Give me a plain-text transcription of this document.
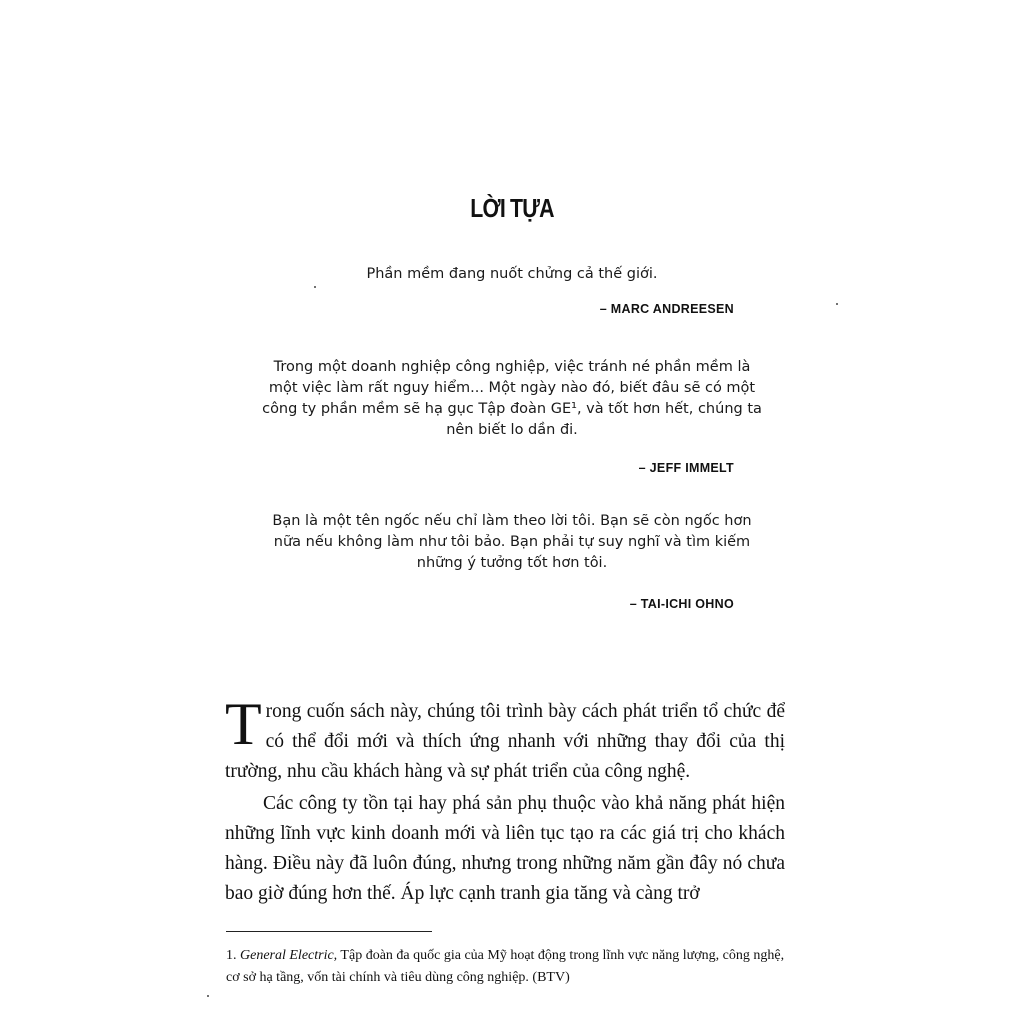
LỜI TỰA
Phần mềm đang nuốt chửng cả thế giới.
– MARC ANDREESEN
Trong một doanh nghiệp công nghiệp, việc tránh né phần mềm là một việc làm rất nguy hiểm... Một ngày nào đó, biết đâu sẽ có một công ty phần mềm sẽ hạ gục Tập đoàn GE¹, và tốt hơn hết, chúng ta nên biết lo dần đi.
– JEFF IMMELT
Bạn là một tên ngốc nếu chỉ làm theo lời tôi. Bạn sẽ còn ngốc hơn nữa nếu không làm như tôi bảo. Bạn phải tự suy nghĩ và tìm kiếm những ý tưởng tốt hơn tôi.
– TAI-ICHI OHNO
Trong cuốn sách này, chúng tôi trình bày cách phát triển tổ chức để có thể đổi mới và thích ứng nhanh với những thay đổi của thị trường, nhu cầu khách hàng và sự phát triển của công nghệ.
Các công ty tồn tại hay phá sản phụ thuộc vào khả năng phát hiện những lĩnh vực kinh doanh mới và liên tục tạo ra các giá trị cho khách hàng. Điều này đã luôn đúng, nhưng trong những năm gần đây nó chưa bao giờ đúng hơn thế. Áp lực cạnh tranh gia tăng và càng trở
1. General Electric, Tập đoàn đa quốc gia của Mỹ hoạt động trong lĩnh vực năng lượng, công nghệ, cơ sở hạ tầng, vốn tài chính và tiêu dùng công nghiệp. (BTV)
